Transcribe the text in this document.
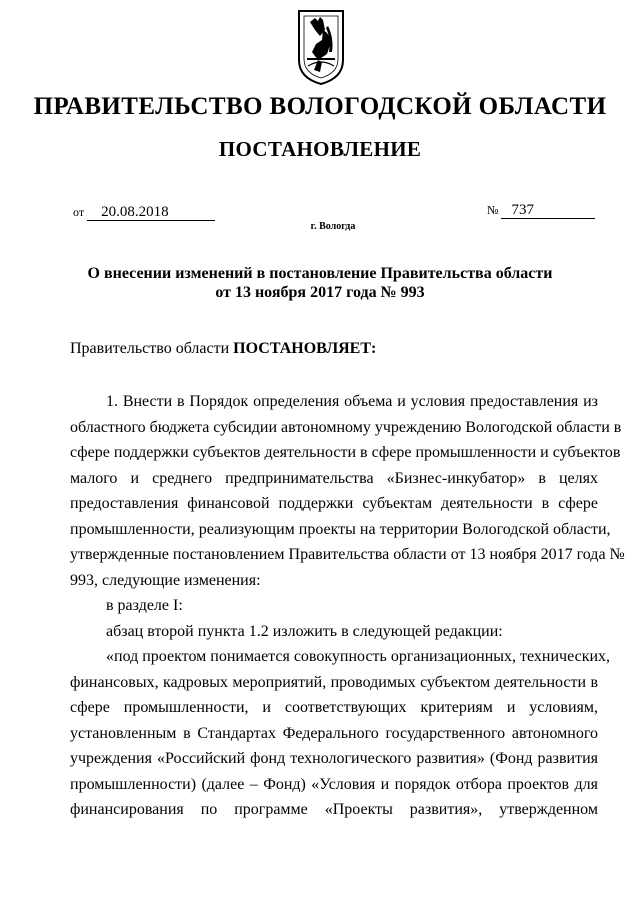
ПРАВИТЕЛЬСТВО ВОЛОГОДСКОЙ ОБЛАСТИ
ПОСТАНОВЛЕНИЕ
от 20.08.2018	№ 737
г. Вологда
О внесении изменений в постановление Правительства области
от 13 ноября 2017 года № 993
Правительство области ПОСТАНОВЛЯЕТ:
1. Внести в Порядок определения объема и условия предоставления из
областного бюджета субсидии автономному учреждению Вологодской области в
сфере поддержки субъектов деятельности в сфере промышленности и субъектов
малого и среднего предпринимательства «Бизнес-инкубатор» в целях
предоставления финансовой поддержки субъектам деятельности в сфере
промышленности, реализующим проекты на территории Вологодской области,
утвержденные постановлением Правительства области от 13 ноября 2017 года №
993, следующие изменения:
в разделе I:
абзац второй пункта 1.2 изложить в следующей редакции:
«под проектом понимается совокупность организационных, технических,
финансовых, кадровых мероприятий, проводимых субъектом деятельности в
сфере промышленности, и соответствующих критериям и условиям,
установленным в Стандартах Федерального государственного автономного
учреждения «Российский фонд технологического развития» (Фонд развития
промышленности) (далее – Фонд) «Условия и порядок отбора проектов для
финансирования по программе «Проекты развития», утвержденном
